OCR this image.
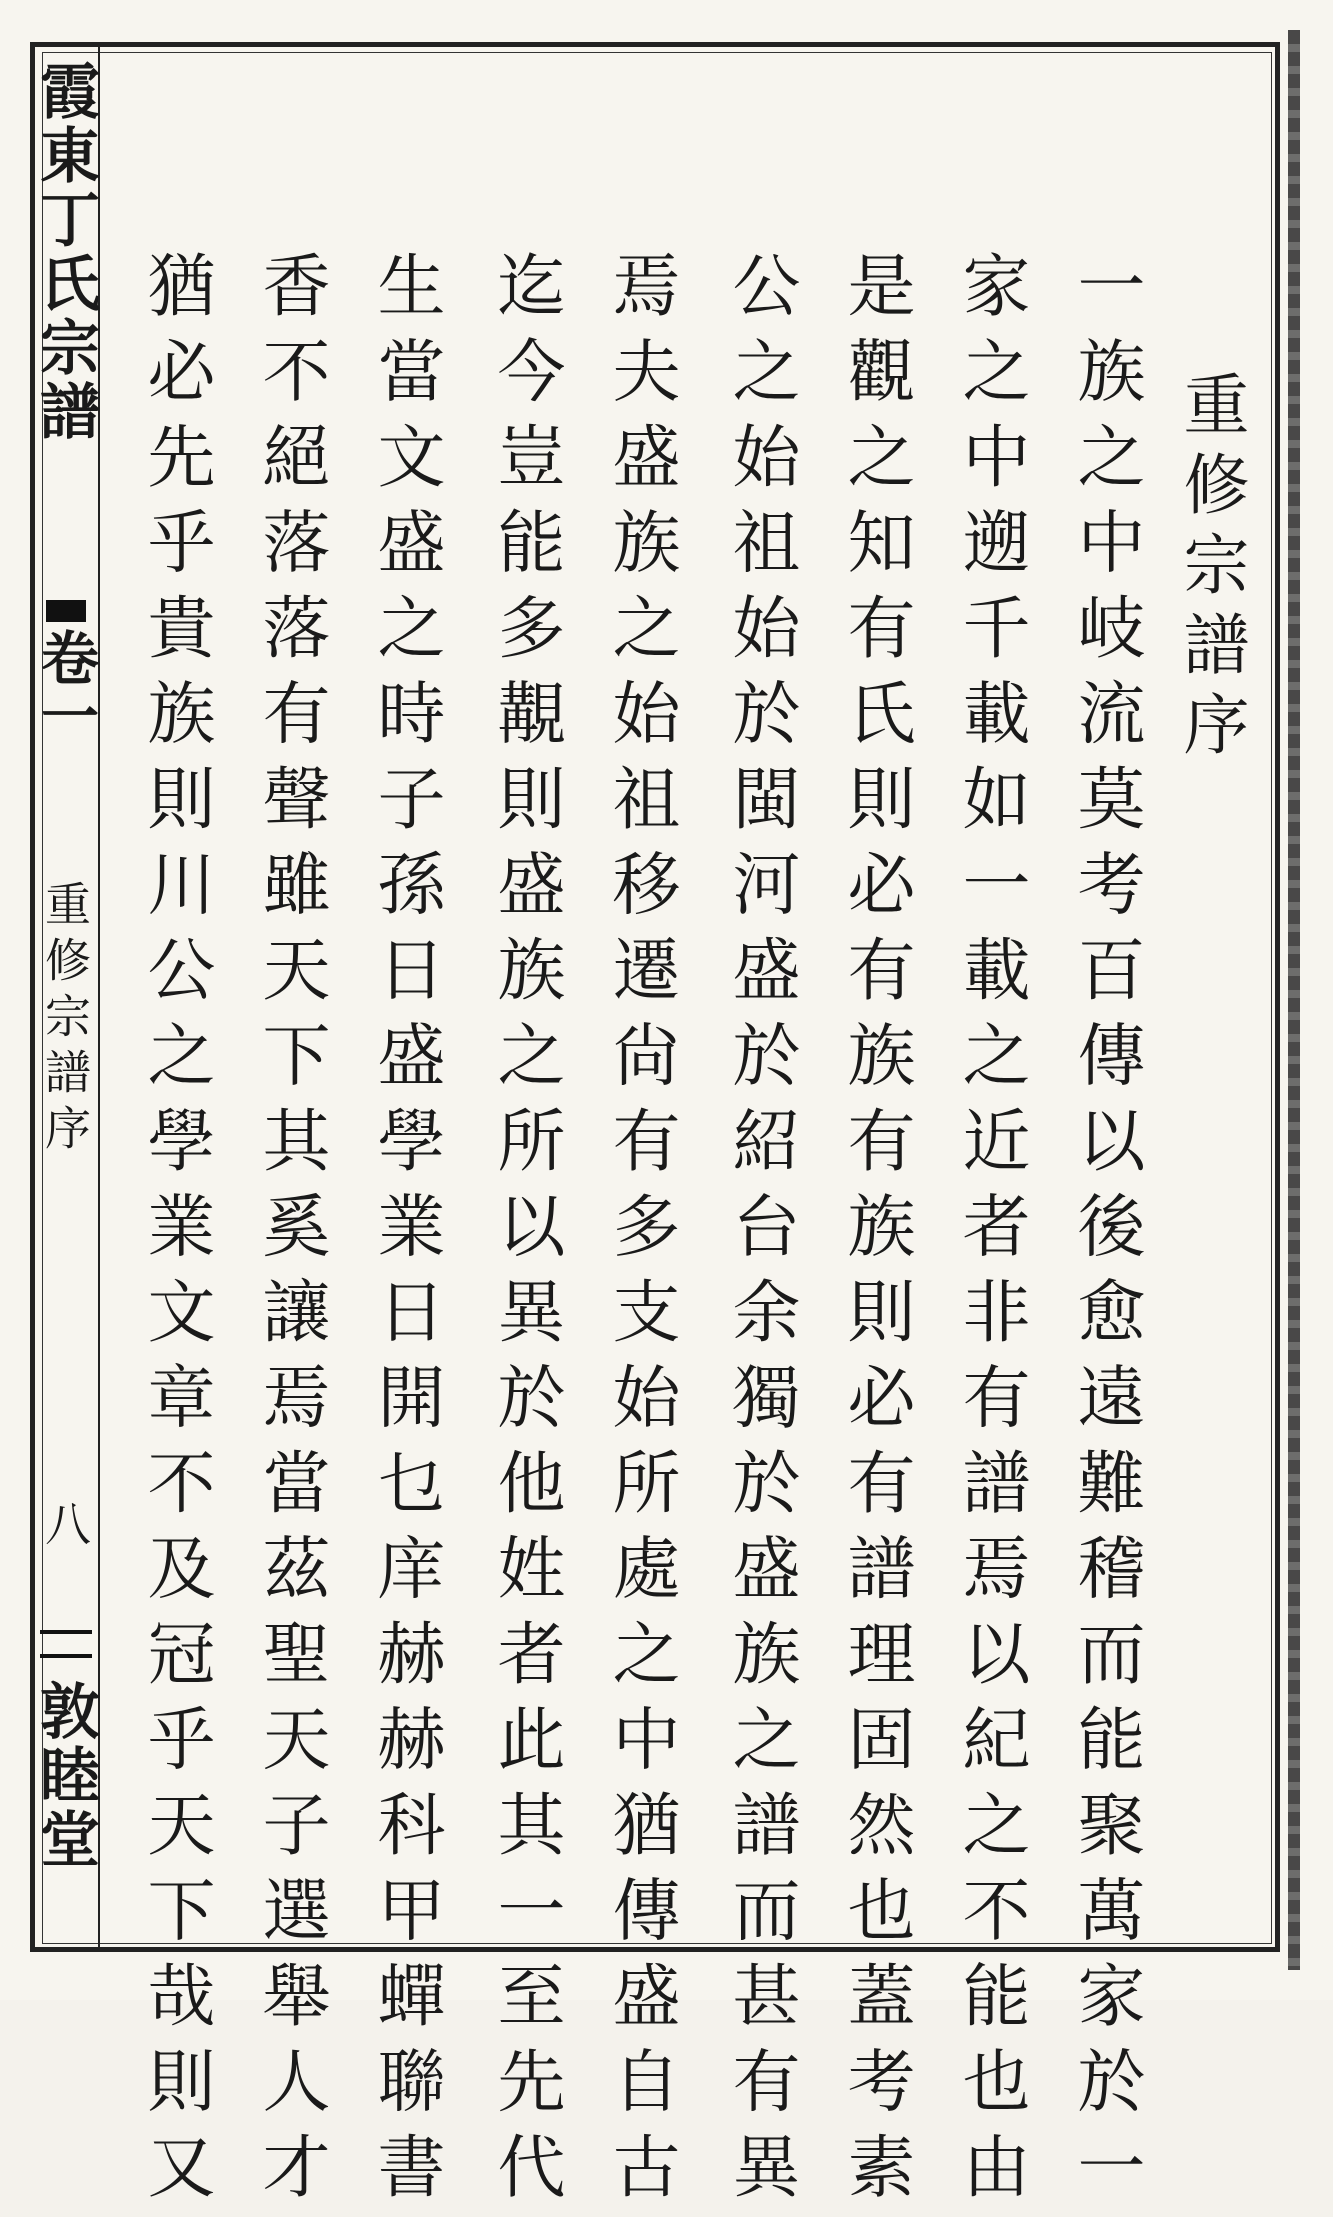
霞東丁氏宗譜
卷一
重修宗譜序
八
敦睦堂
重修宗譜序
一族之中岐流莫考百傳以後愈遠難稽而能聚萬家於一
家之中遡千載如一載之近者非有譜焉以紀之不能也由
是觀之知有氏則必有族有族則必有譜理固然也蓋考素
公之始祖始於閩河盛於紹台余獨於盛族之譜而甚有異
焉夫盛族之始祖移遷尙有多支始所處之中猶傳盛自古
迄今豈能多覯則盛族之所以異於他姓者此其一至先代
生當文盛之時子孫日盛學業日開乜庠赫赫科甲蟬聯書
香不絕落落有聲雖天下其奚讓焉當茲聖天子選舉人才
猶必先乎貴族則川公之學業文章不及冠乎天下哉則又
